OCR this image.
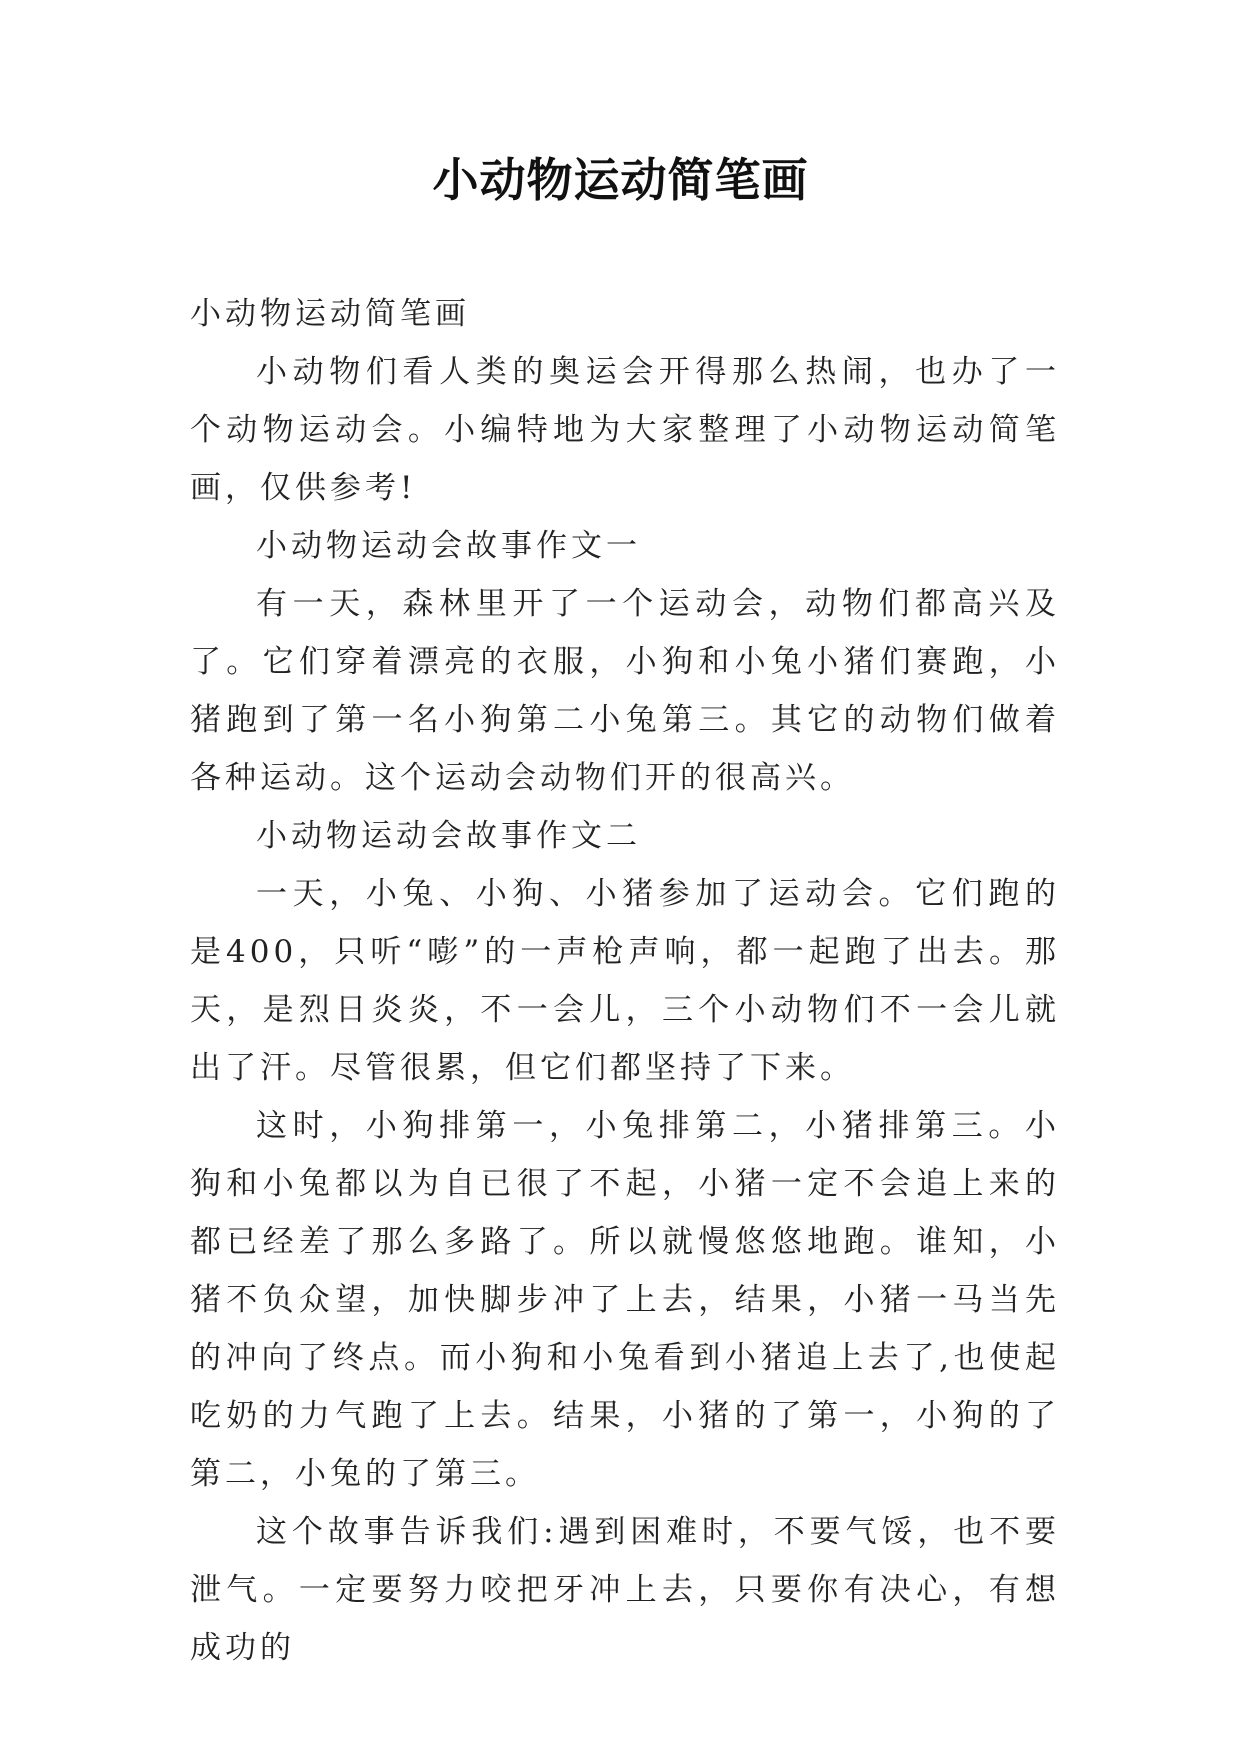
小动物运动简笔画

小动物运动简笔画

小动物们看人类的奥运会开得那么热闹，也办了一个动物运动会。小编特地为大家整理了小动物运动简笔画，仅供参考!

小动物运动会故事作文一

有一天，森林里开了一个运动会，动物们都高兴及了。它们穿着漂亮的衣服，小狗和小兔小猪们赛跑，小猪跑到了第一名小狗第二小兔第三。其它的动物们做着各种运动。这个运动会动物们开的很高兴。

小动物运动会故事作文二

一天，小兔、小狗、小猪参加了运动会。它们跑的是400，只听“嘭”的一声枪声响，都一起跑了出去。那天，是烈日炎炎，不一会儿，三个小动物们不一会儿就出了汗。尽管很累，但它们都坚持了下来。

这时，小狗排第一，小兔排第二，小猪排第三。小狗和小兔都以为自已很了不起，小猪一定不会追上来的都已经差了那么多路了。所以就慢悠悠地跑。谁知，小猪不负众望，加快脚步冲了上去，结果，小猪一马当先的冲向了终点。而小狗和小兔看到小猪追上去了,也使起吃奶的力气跑了上去。结果，小猪的了第一，小狗的了第二，小兔的了第三。

这个故事告诉我们:遇到困难时，不要气馁，也不要泄气。一定要努力咬把牙冲上去，只要你有决心，有想成功的
